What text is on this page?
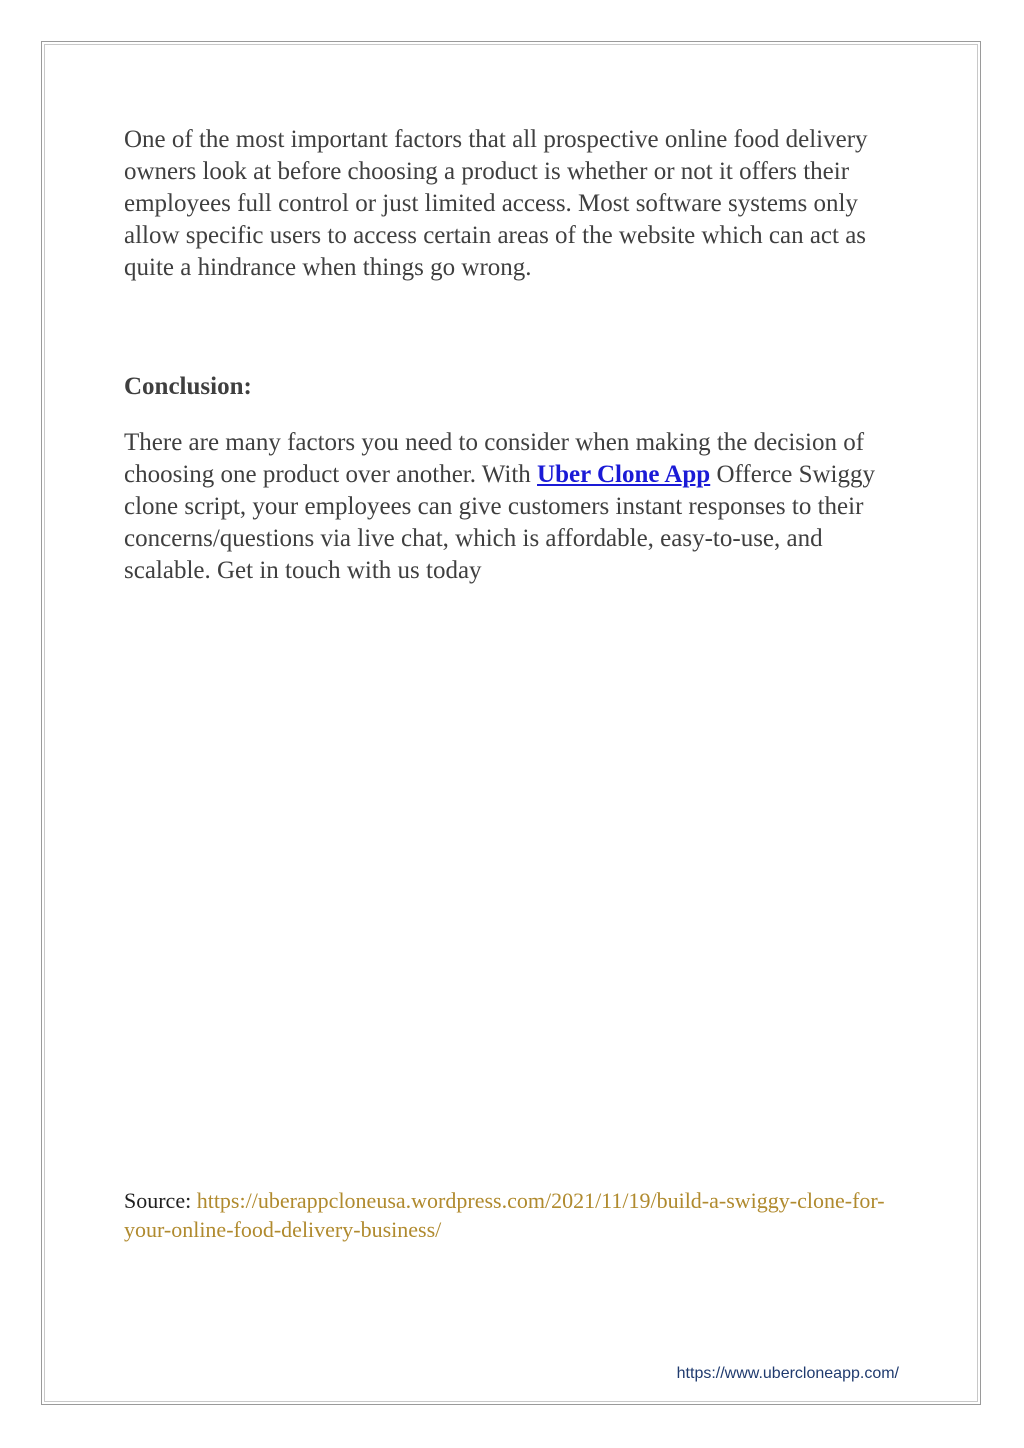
One of the most important factors that all prospective online food delivery owners look at before choosing a product is whether or not it offers their employees full control or just limited access. Most software systems only allow specific users to access certain areas of the website which can act as quite a hindrance when things go wrong.

Conclusion:

There are many factors you need to consider when making the decision of choosing one product over another. With Uber Clone App Offerce Swiggy clone script, your employees can give customers instant responses to their concerns/questions via live chat, which is affordable, easy-to-use, and scalable. Get in touch with us today

Source: https://uberappcloneusa.wordpress.com/2021/11/19/build-a-swiggy-clone-for-your-online-food-delivery-business/

https://www.ubercloneapp.com/
